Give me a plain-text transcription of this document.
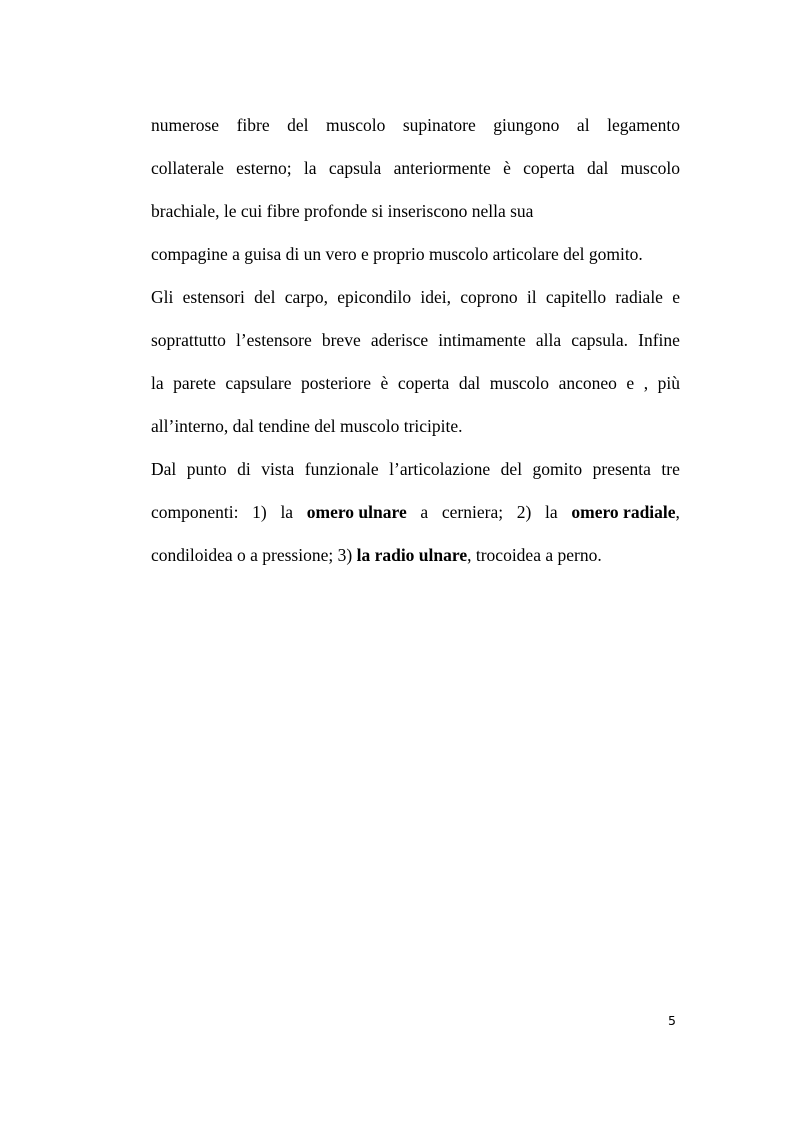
numerose fibre del muscolo supinatore giungono al legamento
collaterale esterno; la capsula anteriormente è coperta dal muscolo
brachiale, le cui fibre profonde si inseriscono nella sua
compagine a guisa di un vero e proprio muscolo articolare del gomito.
Gli estensori del carpo, epicondilo idei, coprono il capitello radiale e
soprattutto l’estensore breve aderisce intimamente alla capsula. Infine
la parete capsulare posteriore è coperta dal muscolo anconeo e , più
all’interno, dal tendine del muscolo tricipite.
Dal punto di vista funzionale l’articolazione del gomito presenta tre
componenti: 1) la omero ulnare a cerniera; 2) la omero radiale,
condiloidea o a pressione; 3) la radio ulnare, trocoidea a perno.
5
